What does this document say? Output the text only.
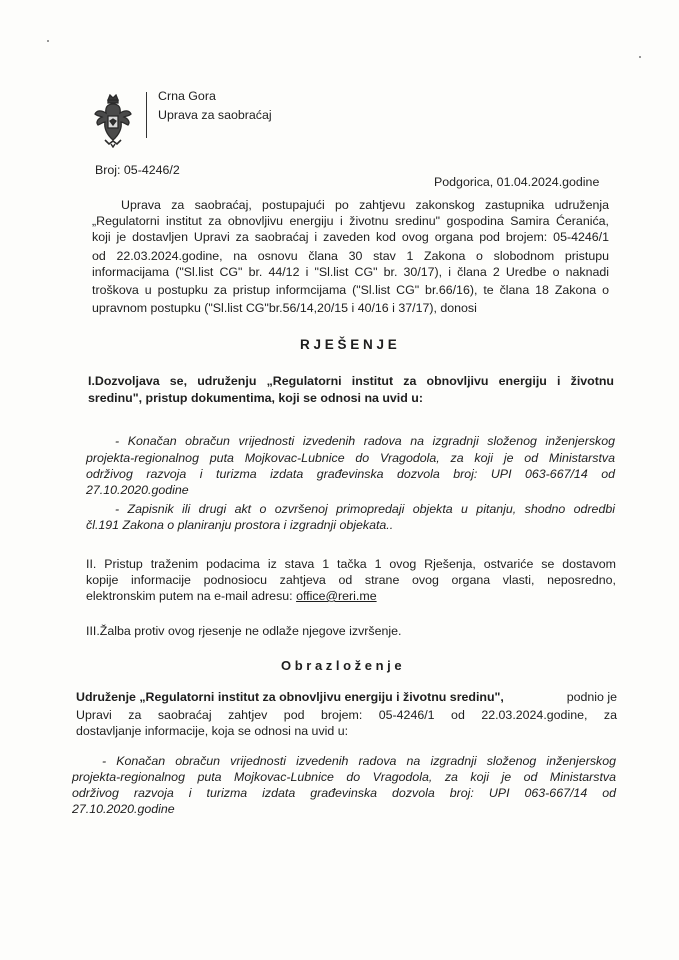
Crna Gora
Uprava za saobraćaj
Broj: 05-4246/2
Podgorica, 01.04.2024.godine
Uprava za saobraćaj, postupajući po zahtjevu zakonskog zastupnika udruženja
„Regulatorni institut za obnovljivu energiju i životnu sredinu" gospodina Samira Ćeranića,
koji je dostavljen Upravi za saobraćaj i zaveden kod ovog organa pod brojem: 05-4246/1
od 22.03.2024.godine, na osnovu člana 30 stav 1 Zakona o slobodnom pristupu
informacijama ("Sl.list CG" br. 44/12 i "Sl.list CG" br. 30/17), i člana 2 Uredbe o naknadi
troškova u postupku za pristup informcijama ("Sl.list CG" br.66/16), te člana 18 Zakona o
upravnom postupku ("Sl.list CG"br.56/14,20/15 i 40/16 i 37/17), donosi
R J E Š E N J E
I.Dozvoljava se, udruženju „Regulatorni institut za obnovljivu energiju i životnu
sredinu", pristup dokumentima, koji se odnosi na uvid u:
- Konačan obračun vrijednosti izvedenih radova na izgradnji složenog inženjerskog
projekta-regionalnog puta Mojkovac-Lubnice do Vragodola, za koji je od Ministarstva
održivog razvoja i turizma izdata građevinska dozvola broj: UPI 063-667/14 od
27.10.2020.godine
- Zapisnik ili drugi akt o ozvršenoj primopredaji objekta u pitanju, shodno odredbi
čl.191 Zakona o planiranju prostora i izgradnji objekata..
II. Pristup traženim podacima iz stava 1 tačka 1 ovog Rješenja, ostvariće se dostavom
kopije informacije podnosiocu zahtjeva od strane ovog organa vlasti, neposredno,
elektronskim putem na e-mail adresu: office@reri.me
III.Žalba protiv ovog rjesenje ne odlaže njegove izvršenje.
O b r a z l o ž e n j e
Udruženje „Regulatorni institut za obnovljivu energiju i životnu sredinu",	podnio je
Upravi za saobraćaj zahtjev pod brojem: 05-4246/1 od 22.03.2024.godine, za
dostavljanje informacije, koja se odnosi na uvid u:
- Konačan obračun vrijednosti izvedenih radova na izgradnji složenog inženjerskog
projekta-regionalnog puta Mojkovac-Lubnice do Vragodola, za koji je od Ministarstva
održivog razvoja i turizma izdata građevinska dozvola broj: UPI 063-667/14 od
27.10.2020.godine
